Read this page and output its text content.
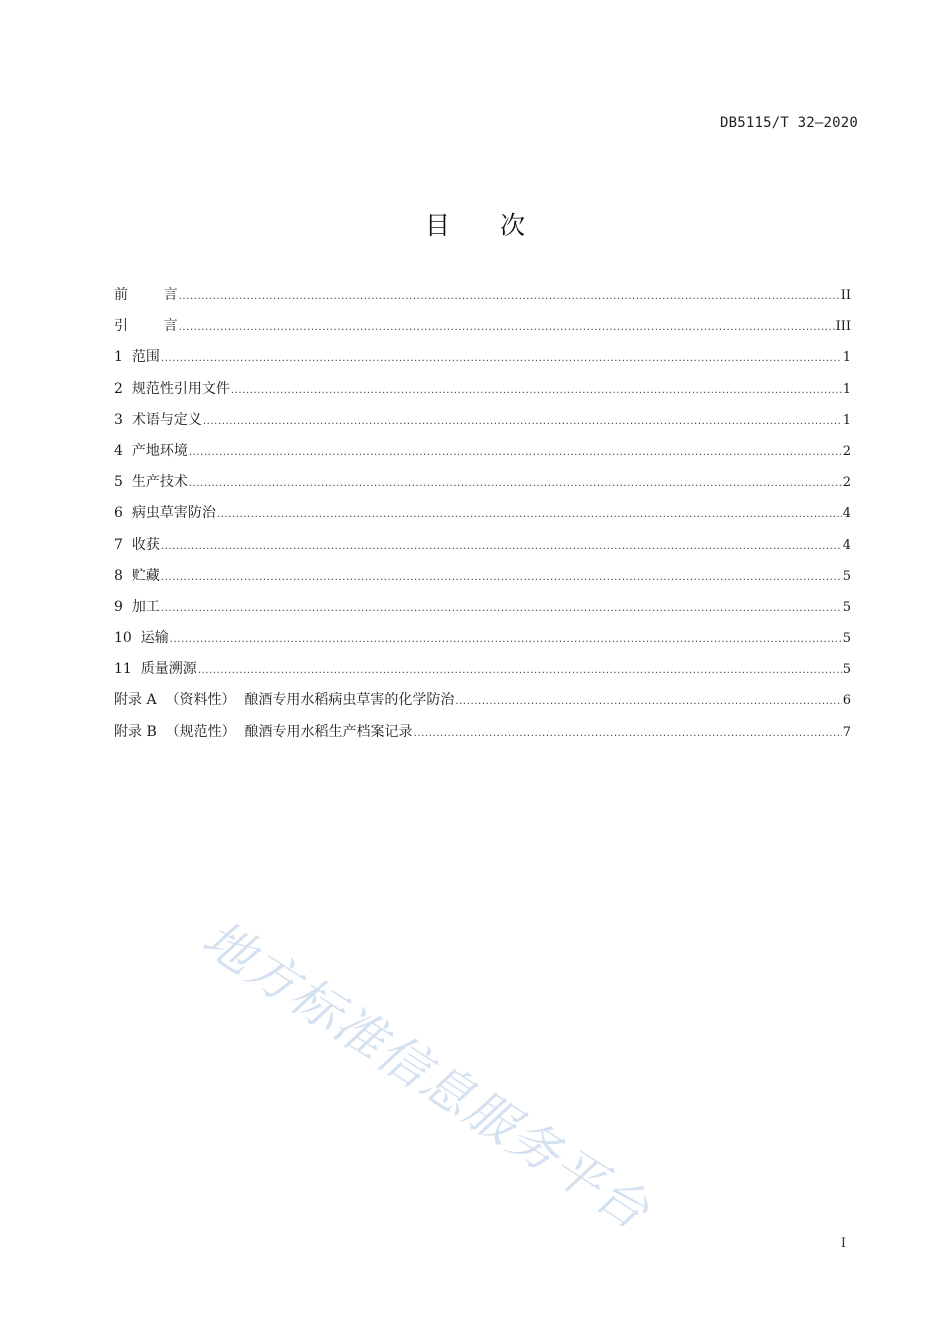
DB5115/T 32—2020
目 次
前 言 .....	II
引 言 .....	III
1 范围 .....	1
2 规范性引用文件 .....	1
3 术语与定义 .....	1
4 产地环境 .....	2
5 生产技术 .....	2
6 病虫草害防治 .....	4
7 收获 .....	4
8 贮藏 .....	5
9 加工 .....	5
10 运输 .....	5
11 质量溯源 .....	5
附录 A （资料性）  酿酒专用水稻病虫草害的化学防治 .....	6
附录 B （规范性）  酿酒专用水稻生产档案记录 .....	7
地方标准信息服务平台
I
